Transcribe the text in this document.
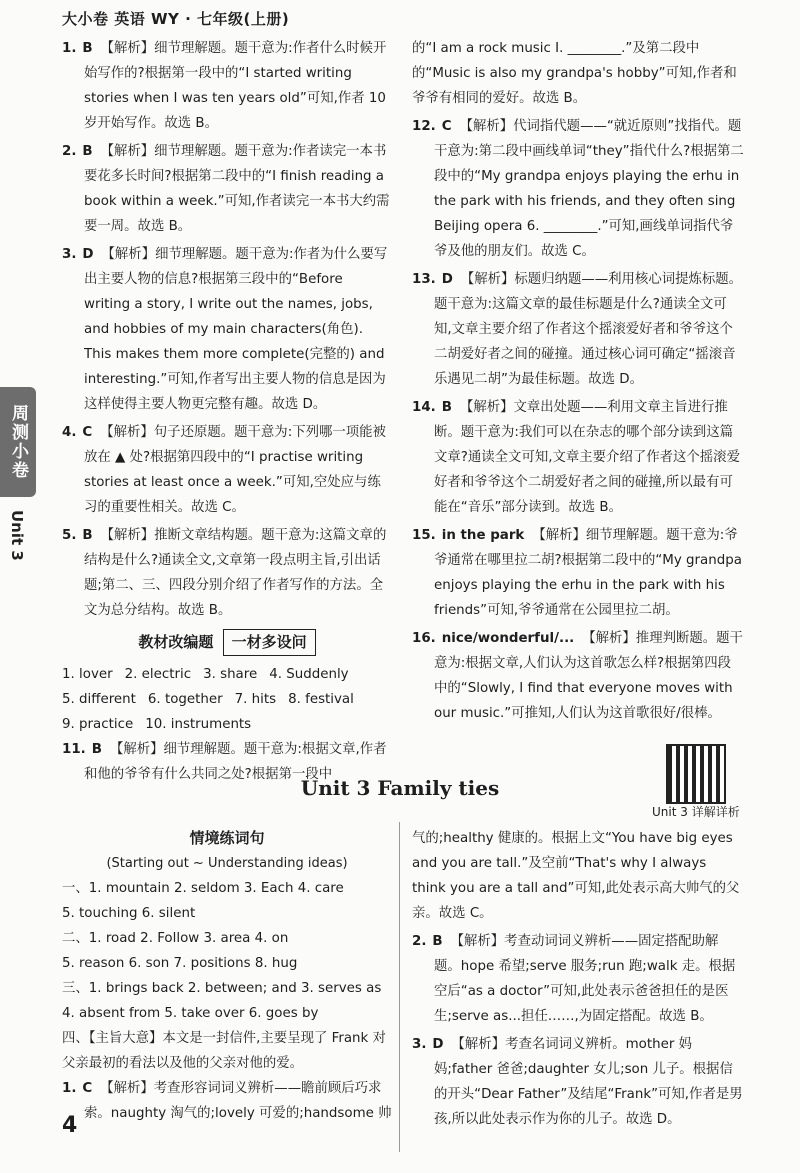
大小卷 英语 WY · 七年级(上册)
1. B 【解析】细节理解题。题干意为:作者什么时候开始写作的?根据第一段中的“I started writing stories when I was ten years old”可知,作者 10 岁开始写作。故选 B。
2. B 【解析】细节理解题。题干意为:作者读完一本书要花多长时间?根据第二段中的“I finish reading a book within a week.”可知,作者读完一本书大约需要一周。故选 B。
3. D 【解析】细节理解题。题干意为:作者为什么要写出主要人物的信息?根据第三段中的“Before writing a story, I write out the names, jobs, and hobbies of my main characters(角色). This makes them more complete(完整的) and interesting.”可知,作者写出主要人物的信息是因为这样使得主要人物更完整有趣。故选 D。
4. C 【解析】句子还原题。题干意为:下列哪一项能被放在 ▲ 处?根据第四段中的“I practise writing stories at least once a week.”可知,空处应与练习的重要性相关。故选 C。
5. B 【解析】推断文章结构题。题干意为:这篇文章的结构是什么?通读全文,文章第一段点明主旨,引出话题;第二、三、四段分别介绍了作者写作的方法。全文为总分结构。故选 B。
教材改编题 一材多设问

1. lover 2. electric 3. share 4. Suddenly

5. different 6. together 7. hits 8. festival

9. practice 10. instruments

11. B 【解析】细节理解题。题干意为:根据文章,作者和他的爷爷有什么共同之处?根据第一段中
的“I am a rock music I. ________.”及第二段中的“Music is also my grandpa's hobby”可知,作者和爷爷有相同的爱好。故选 B。
12. C 【解析】代词指代题——“就近原则”找指代。题干意为:第二段中画线单词“they”指代什么?根据第二段中的“My grandpa enjoys playing the erhu in the park with his friends, and they often sing Beijing opera 6. ________.”可知,画线单词指代爷爷及他的朋友们。故选 C。
13. D 【解析】标题归纳题——利用核心词提炼标题。题干意为:这篇文章的最佳标题是什么?通读全文可知,文章主要介绍了作者这个摇滚爱好者和爷爷这个二胡爱好者之间的碰撞。通过核心词可确定“摇滚音乐遇见二胡”为最佳标题。故选 D。
14. B 【解析】文章出处题——利用文章主旨进行推断。题干意为:我们可以在杂志的哪个部分读到这篇文章?通读全文可知,文章主要介绍了作者这个摇滚爱好者和爷爷这个二胡爱好者之间的碰撞,所以最有可能在“音乐”部分读到。故选 B。
15. in the park 【解析】细节理解题。题干意为:爷爷通常在哪里拉二胡?根据第二段中的“My grandpa enjoys playing the erhu in the park with his friends”可知,爷爷通常在公园里拉二胡。
16. nice/wonderful/... 【解析】推理判断题。题干意为:根据文章,人们认为这首歌怎么样?根据第四段中的“Slowly, I find that everyone moves with our music.”可推知,人们认为这首歌很好/很棒。
周测小卷
Unit 3
Unit 3 Family ties
Unit 3 详解详析

情境练词句

(Starting out ~ Understanding ideas)

一、1. mountain 2. seldom 3. Each 4. care

5. touching 6. silent

二、1. road 2. Follow 3. area 4. on

5. reason 6. son 7. positions 8. hug

三、1. brings back 2. between; and 3. serves as

4. absent from 5. take over 6. goes by

四、【主旨大意】本文是一封信件,主要呈现了 Frank 对父亲最初的看法以及他的父亲对他的爱。

1. C 【解析】考查形容词词义辨析——瞻前顾后巧求索。naughty 淘气的;lovely 可爱的;handsome 帅
气的;healthy 健康的。根据上文“You have big eyes and you are tall.”及空前“That's why I always think you are a tall and”可知,此处表示高大帅气的父亲。故选 C。
2. B 【解析】考查动词词义辨析——固定搭配助解题。hope 希望;serve 服务;run 跑;walk 走。根据空后“as a doctor”可知,此处表示爸爸担任的是医生;serve as...担任……,为固定搭配。故选 B。
3. D 【解析】考查名词词义辨析。mother 妈妈;father 爸爸;daughter 女儿;son 儿子。根据信的开头“Dear Father”及结尾“Frank”可知,作者是男孩,所以此处表示作为你的儿子。故选 D。
4
